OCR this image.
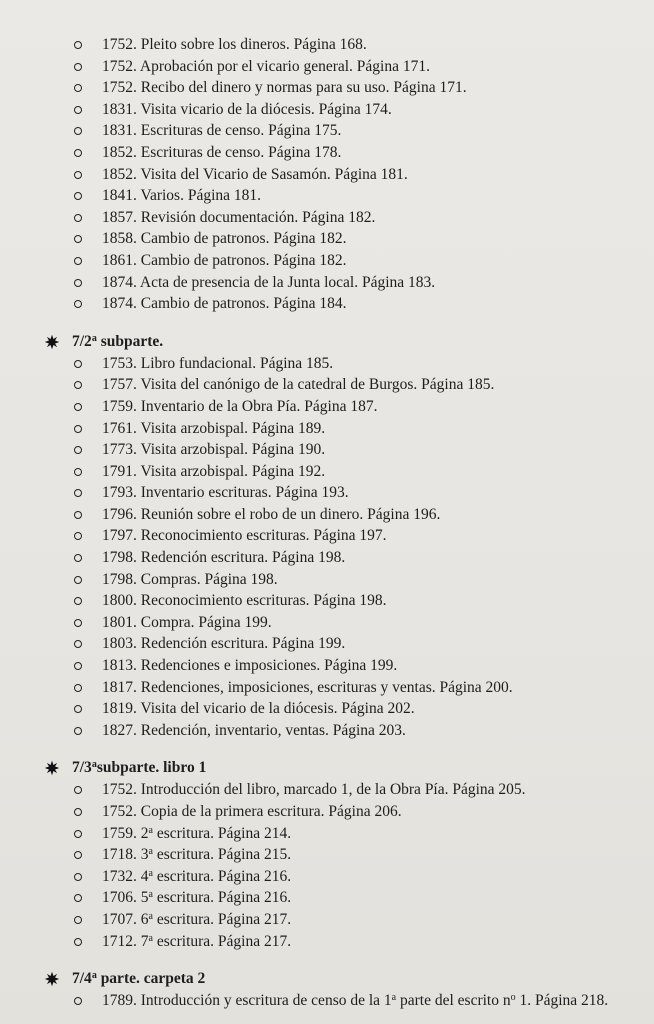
1752. Pleito sobre los dineros. Página 168.
1752. Aprobación por el vicario general. Página 171.
1752. Recibo del dinero y normas para su uso. Página 171.
1831. Visita vicario de la diócesis. Página 174.
1831. Escrituras de censo. Página 175.
1852. Escrituras de censo. Página 178.
1852. Visita del Vicario de Sasamón. Página 181.
1841. Varios. Página 181.
1857. Revisión documentación. Página 182.
1858. Cambio de patronos. Página 182.
1861. Cambio de patronos. Página 182.
1874. Acta de presencia de la Junta local. Página 183.
1874. Cambio de patronos. Página 184.
7/2$^a$ subparte.
1753. Libro fundacional. Página 185.
1757. Visita del canónigo de la catedral de Burgos. Página 185.
1759. Inventario de la Obra Pía. Página 187.
1761. Visita arzobispal. Página 189.
1773. Visita arzobispal. Página 190.
1791. Visita arzobispal. Página 192.
1793. Inventario escrituras. Página 193.
1796. Reunión sobre el robo de un dinero. Página 196.
1797. Reconocimiento escrituras. Página 197.
1798. Redención escritura. Página 198.
1798. Compras. Página 198.
1800. Reconocimiento escrituras. Página 198.
1801. Compra. Página 199.
1803. Redención escritura. Página 199.
1813. Redenciones e imposiciones. Página 199.
1817. Redenciones, imposiciones, escrituras y ventas. Página 200.
1819. Visita del vicario de la diócesis. Página 202.
1827. Redención, inventario, ventas. Página 203.
7/3$^a$subparte. libro 1
1752. Introducción del libro, marcado 1, de la Obra Pía. Página 205.
1752. Copia de la primera escritura. Página 206.
1759. 2$^a$ escritura. Página 214.
1718. 3$^a$ escritura. Página 215.
1732. 4$^a$ escritura. Página 216.
1706. 5$^a$ escritura. Página 216.
1707. 6$^a$ escritura. Página 217.
1712. 7$^a$ escritura. Página 217.
7/4$^a$ parte. carpeta 2
1789. Introducción y escritura de censo de la 1$^a$ parte del escrito $n^o$ 1. Página 218.
